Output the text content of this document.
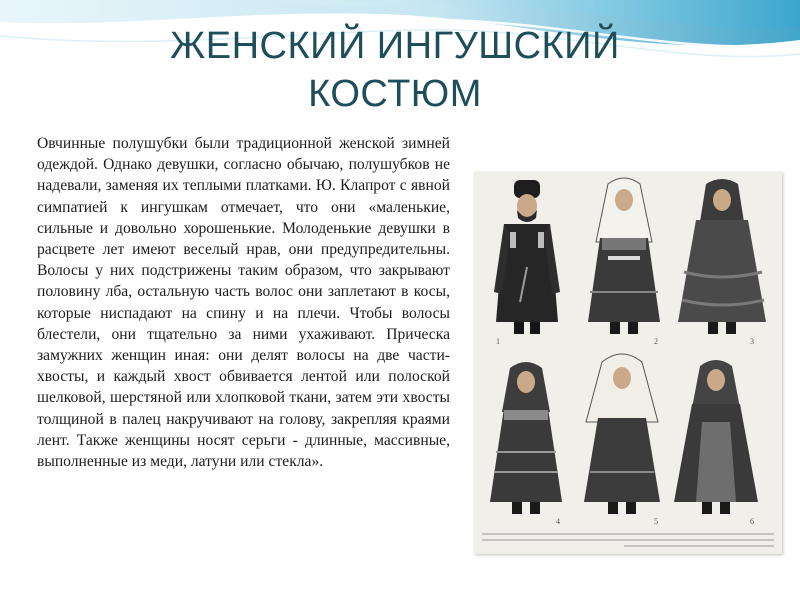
ЖЕНСКИЙ ИНГУШСКИЙ
КОСТЮМ

Овчинные полушубки были традиционной женской зимней одеждой. Однако девушки, согласно обычаю, полушубков не надевали, заменяя их теплыми платками. Ю. Клапрот с явной симпатией к ингушкам отмечает, что они «маленькие, сильные и довольно хорошенькие. Молоденькие девушки в расцвете лет имеют веселый нрав, они предупредительны. Волосы у них подстрижены таким образом, что закрывают половину лба, остальную часть волос они заплетают в косы, которые ниспадают на спину и на плечи. Чтобы волосы блестели, они тщательно за ними ухаживают. Прическа замужних женщин иная: они делят волосы на две части-хвосты, и каждый хвост обвивается лентой или полоской шелковой, шерстяной или хлопковой ткани, затем эти хвосты толщиной в палец накручивают на голову, закрепляя краями лент. Также женщины носят серьги - длинные, массивные, выполненные из меди, латуни или стекла».

1	2	3
4	5	6
